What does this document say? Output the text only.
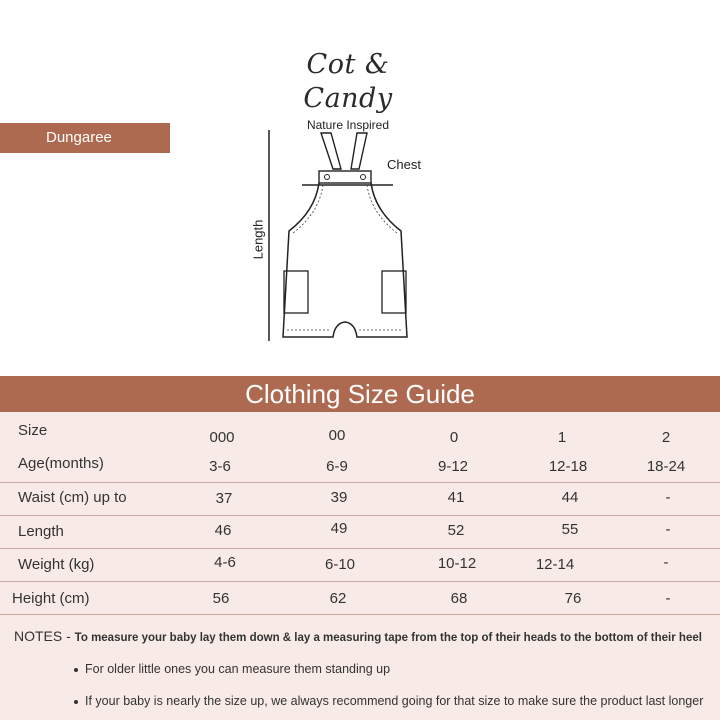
Cot & Candy
Nature Inspired
Dungaree
Chest
Length
Clothing Size Guide
Size	000	00	0	1	2
Age(months)	3-6	6-9	9-12	12-18	18-24
Waist (cm) up to	37	39	41	44	-
Length	46	49	52	55	-
Weight (kg)	4-6	6-10	10-12	12-14	-
Height (cm)	56	62	68	76	-
NOTES - To measure your baby lay them down & lay a measuring tape from the top of their heads to the bottom of their heel
For older little ones you can measure them standing up
If your baby is nearly the size up, we always recommend going for that size to make sure the product last longer
